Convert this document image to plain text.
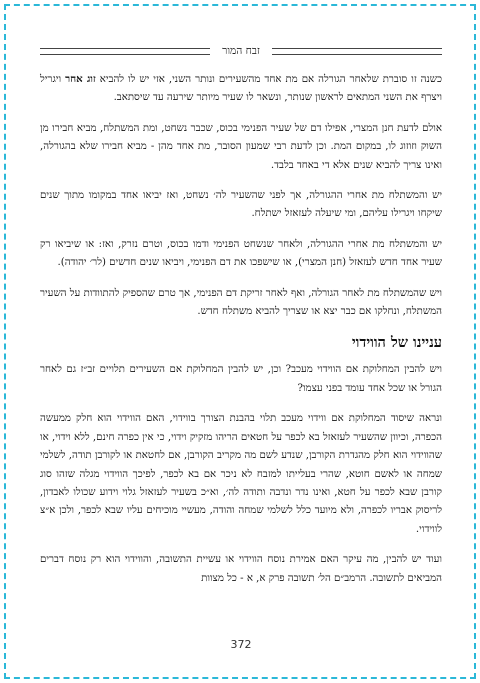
זבח המור

כשנה זו סוברת שלאחר הגורלה אם מת אחד מהשעירים ונותר השני, אזי יש לו להביא זוג אחר ויגריל ויצרף את השני המתאים לראשון שנותר, ונשאר לו שעיר מיותר שירעה עד שיסתאב.

אולם לדעת חנן המצרי, אפילו דם של שעיר הפנימי בכוס, שכבר נשחט, ומת המשתלח, מביא חבירו מן השוק וזוזוג לו, במקום המת. וכן לדעת רבי שמעון הסובר, מת אחד מהן - מביא חבירו שלא בהגורלה, ואינו צריך להביא שנים אלא די באחד בלבד.

יש והמשתלח מת אחרי ההגורלה, אך לפני שהשעיר לה׳ נשחט, ואז יביאו אחד במקומו מתוך שנים שיקחו ויגרילו עליהם, ומי שיעלה לעזאזל ישתלח.

יש והמשתלח מת אחרי ההגורלה, ולאחר שנשחט הפנימי ודמו בכוס, וטרם נזרק, ואז: או שיביאו רק שעיר אחד חדש לעזאזל (חנן המצרי), או שישפכו את דם הפנימי, ויביאו שנים חדשים (לר׳ יהודה).

ויש שהמשתלח מת לאחר הגורלה, ואף לאחר זריקת דם הפנימי, אך טרם שהספיק להתוודות על השעיר המשתלח, ונחלקו אם כבר יצא או שצריך להביא משתלח חדש.

עניינו של הווידוי

ויש להבין המחלוקת אם הווידוי מעכב? וכן, יש להבין המחלוקת אם השעירים תלויים זב״ז גם לאחר הגורל או שכל אחד עומד בפני עצמו?

ונראה שיסוד המחלוקת אם ווידוי מעכב תלוי בהבנת הצורך בווידוי, האם הווידוי הוא חלק ממעשה הכפרה, וכיוון שהשעיר לעזאזל בא לכפר על חטאים הריהו מזקיק וידוי, כי אין כפרה חינם, ללא וידוי, או שהווידוי הוא חלק מהגדרת הקורבן, שנדע לשם מה מקריב הקורבן, אם לחטאת או לקורבן תודה, לשלמי שמחה או לאשם חוטא, שהרי בעלייתו למזבח לא ניכר אם בא לכפר, לפיכך הווידוי מגלה שזהו סוג קורבן שבא לכפר על חטא, ואינו נדר ונדבה ותודה לה׳, וא״כ בשעיר לעזאזל גלוי וידוע שכולו לאבדון, לריסוק אבריו לכפרה, ולא מיועד כלל לשלמי שמחה והודה, מעשיי מוכיחים עליו שבא לכפר, ולכן א״צ לווידוי.

ועוד יש להבין, מה עיקר האם אמירת נוסח הווידוי או עשיית התשובה, והווידוי הוא רק נוסח דברים המביאים לתשובה. הרמב״ם הל׳ תשובה פרק א, א - כל מצוות

372
